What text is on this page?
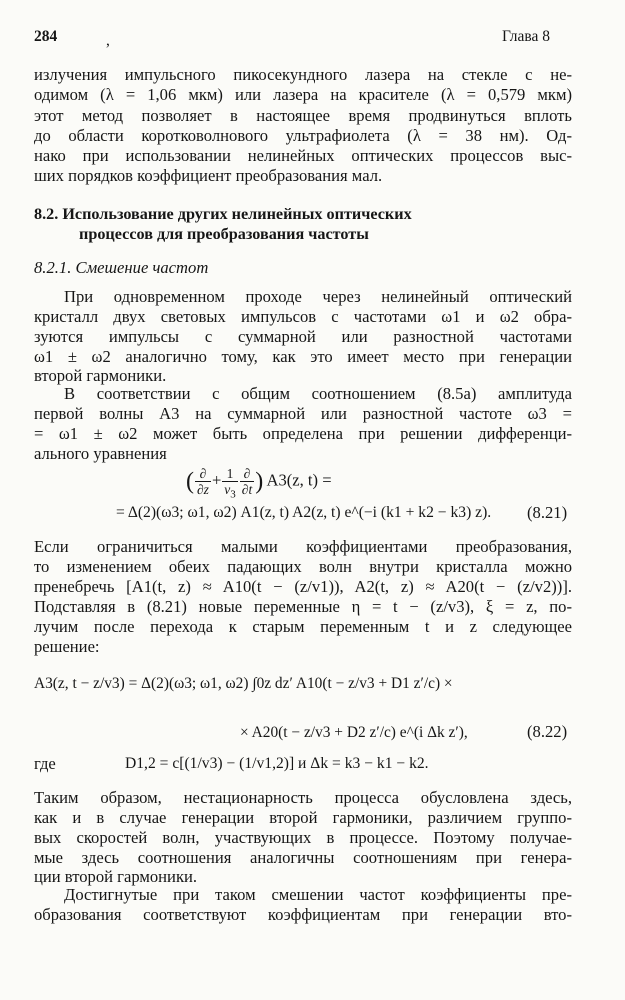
284	,	Глава 8
излучения импульсного пикосекундного лазера на стекле с не-
одимом (λ = 1,06 мкм) или лазера на красителе (λ = 0,579 мкм)
этот метод позволяет в настоящее время продвинуться вплоть
до области коротковолнового ультрафиолета (λ = 38 нм). Од-
нако при использовании нелинейных оптических процессов выс-
ших порядков коэффициент преобразования мал.
8.2. Использование других нелинейных оптических
процессов для преобразования частоты
8.2.1. Смешение частот
При одновременном проходе через нелинейный оптический
кристалл двух световых импульсов с частотами ω1 и ω2 обра-
зуются импульсы с суммарной или разностной частотами
ω1 ± ω2 аналогично тому, как это имеет место при генерации
второй гармоники.
В соответствии с общим соотношением (8.5а) амплитуда
первой волны A3 на суммарной или разностной частоте ω3 =
= ω1 ± ω2 может быть определена при решении дифференци-
ального уравнения
( $\frac{\partial}{\partial z} + \frac{1}{v_3} \frac{\partial}{\partial t}$ ) A3(z, t) =
= Δ(2)(ω3; ω1, ω2) A1(z, t) A2(z, t) e^(−i (k1 + k2 − k3) z). (8.21)
Если ограничиться малыми коэффициентами преобразования,
то изменением обеих падающих волн внутри кристалла можно
пренебречь [A1(t, z) ≈ A10(t − (z/v1)), A2(t, z) ≈ A20(t − (z/v2))].
Подставляя в (8.21) новые переменные η = t − (z/v3), ξ = z, по-
лучим после перехода к старым переменным t и z следующее
решение:
A3(z, t − z/v3) = Δ(2)(ω3; ω1, ω2) ∫0z dz′ A10(t − z/v3 + D1 z′/c) ×
× A20(t − z/v3 + D2 z′/c) e^(i Δk z′),	(8.22)
где	D1,2 = c[(1/v3) − (1/v1,2)] и Δk = k3 − k1 − k2.
Таким образом, нестационарность процесса обусловлена здесь,
как и в случае генерации второй гармоники, различием группо-
вых скоростей волн, участвующих в процессе. Поэтому получае-
мые здесь соотношения аналогичны соотношениям при генера-
ции второй гармоники.
Достигнутые при таком смешении частот коэффициенты пре-
образования соответствуют коэффициентам при генерации вто-
